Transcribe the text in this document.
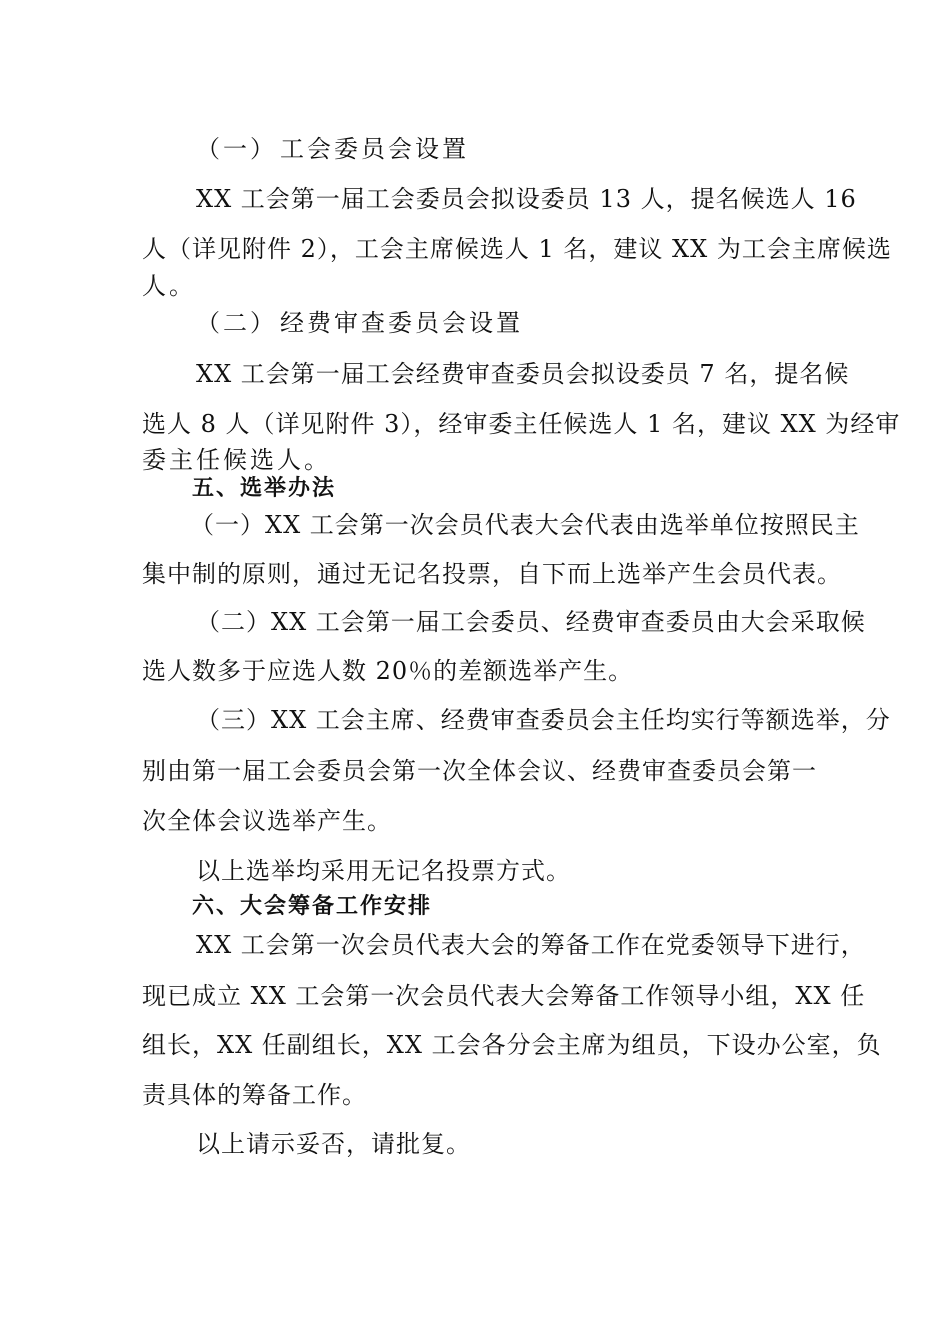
（一） 工会委员会设置
XX 工会第一届工会委员会拟设委员 13 人，提名候选人 16
人（详见附件 2），工会主席候选人 1 名，建议 XX 为工会主席候选
人。
（二） 经费审查委员会设置
XX 工会第一届工会经费审查委员会拟设委员 7 名，提名候
选人 8 人（详见附件 3），经审委主任候选人 1 名，建议 XX 为经审
委主任候选人。
五、选举办法
（一）XX 工会第一次会员代表大会代表由选举单位按照民主
集中制的原则，通过无记名投票，自下而上选举产生会员代表。
（二）XX 工会第一届工会委员、经费审查委员由大会采取候
选人数多于应选人数 20％的差额选举产生。
（三）XX 工会主席、经费审查委员会主任均实行等额选举，分
别由第一届工会委员会第一次全体会议、经费审查委员会第一
次全体会议选举产生。
以上选举均采用无记名投票方式。
六、大会筹备工作安排
XX 工会第一次会员代表大会的筹备工作在党委领导下进行，
现已成立 XX 工会第一次会员代表大会筹备工作领导小组，XX 任
组长，XX 任副组长，XX 工会各分会主席为组员，下设办公室，负
责具体的筹备工作。
以上请示妥否，请批复。
